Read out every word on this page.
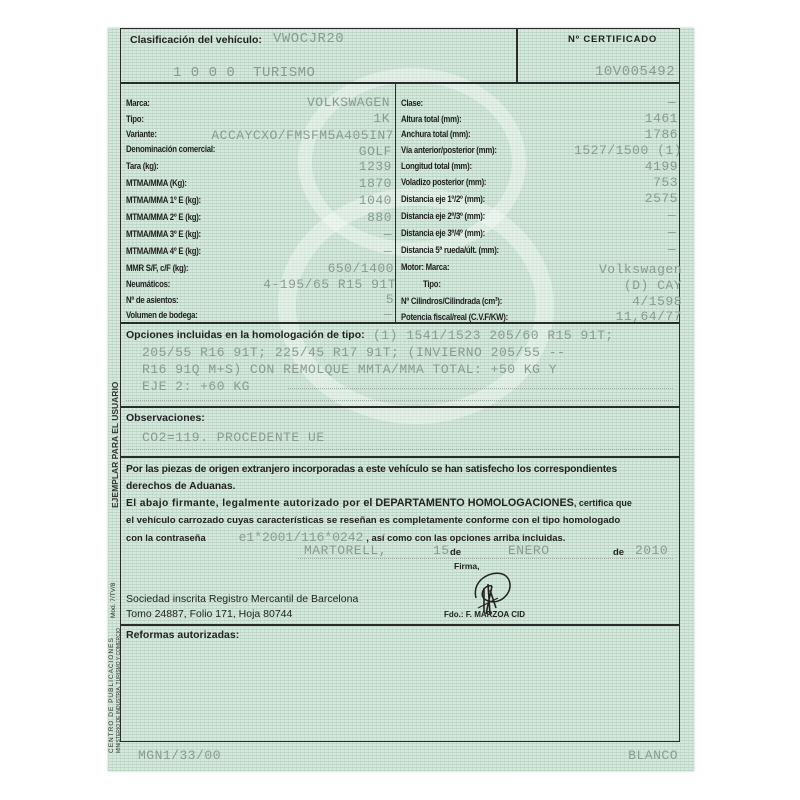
Clasificación del vehículo: VWOCJR20
1 0 0 0  TURISMO
Nº CERTIFICADO
10V005492
Marca:	VOLKSWAGEN
Tipo:	1K
Variante:	ACCAYCXO/FMSFM5A405IN7
Denominación comercial:	GOLF
Tara (kg):	1239
MTMA/MMA (Kg):	1870
MTMA/MMA 1º E (kg):	1040
MTMA/MMA 2º E (kg):	880
MTMA/MMA 3º E (kg):	—
MTMA/MMA 4º E (kg):	—
MMR S/F, c/F (kg):	650/1400
Neumáticos:	4-195/65 R15 91T
Nº de asientos:	5
Volumen de bodega:	—
Clase:	—
Altura total (mm):	1461
Anchura total (mm):	1786
Vía anterior/posterior (mm):	1527/1500 (1)
Longitud total (mm):	4199
Voladizo posterior (mm):	753
Distancia eje 1º/2º (mm):	2575
Distancia eje 2º/3º (mm):	—
Distancia eje 3º/4º (mm):	—
Distancia 5ª rueda/últ. (mm):	—
Motor: Marca:	Volkswagen
Tipo:	(D) CAY
Nº Cilindros/Cilindrada (cm³):	4/1598
Potencia fiscal/real (C.V.F/KW):	11,64/77
Opciones incluidas en la homologación de tipo: (1) 1541/1523 205/60 R15 91T;
205/55 R16 91T; 225/45 R17 91T; (INVIERNO 205/55 --
R16 91Q M+S) CON REMOLQUE MMTA/MMA TOTAL: +50 KG Y
EJE 2: +60 KG
Observaciones:
CO2=119. PROCEDENTE UE
Por las piezas de origen extranjero incorporadas a este vehículo se han satisfecho los correspondientes
derechos de Aduanas.
El abajo firmante, legalmente autorizado por el DEPARTAMENTO HOMOLOGACIONES, certifica que
el vehículo carrozado cuyas características se reseñan es completamente conforme con el tipo homologado
con la contraseña	e1*2001/116*0242 , así como con las opciones arriba incluidas.
MARTORELL,	15 de	ENERO	de 2010
Firma,
Fdo.: F. MARZOA CID
Sociedad inscrita Registro Mercantil de Barcelona
Tomo 24887, Folio 171, Hoja 80744
Reformas autorizadas:
EJEMPLAR PARA EL USUARIO
CENTRO DE PUBLICACIONES MINISTERIO DE INDUSTRIA, TURISMO Y COMERCIO
Mod. 7/TV/8
MGN1/33/00	BLANCO
